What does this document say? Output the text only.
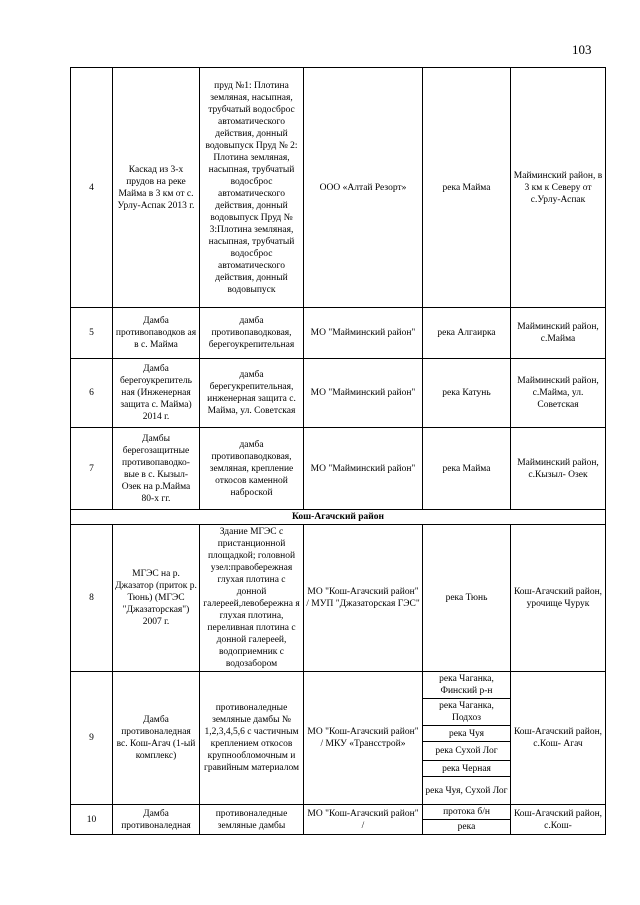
103
4	Каскад из 3-х прудов на реке Майма в 3 км от с. Урлу-Аспак 2013 г.	пруд №1: Плотина земляная, насыпная, трубчатый водосброс автоматического действия, донный водовыпуск Пруд № 2: Плотина земляная, насыпная, трубчатый водосброс автоматического действия, донный водовыпуск Пруд № 3:Плотина земляная, насыпная, трубчатый водосброс автоматического действия, донный водовыпуск	ООО «Алтай Резорт»	река Майма	Майминский район, в 3 км к Северу от с.Урлу-Аспак
5	Дамба противопаводков ая в с. Майма	дамба противопаводковая, берегоукрепительная	МО "Майминский район"	река Алгаирка	Майминский район, с.Майма
6	Дамба берегоукрепитель ная (Инженерная защита с. Майма) 2014 г.	дамба берегукрепительная, инженерная защита с. Майма, ул. Советская	МО "Майминский район"	река Катунь	Майминский район, с.Майма, ул. Советская
7	Дамбы берегозащитные противопаводко- вые в с. Кызыл- Озек на р.Майма 80-х гг.	дамба противопаводковая, земляная, крепление откосов каменной наброской	МО "Майминский район"	река Майма	Майминский район, с.Кызыл- Озек
Кош-Агачский район					
8	МГЭС на р. Джазатор (приток р. Тюнь) (МГЭС "Джазаторская") 2007 г.	Здание МГЭС с пристанционной площадкой; головной узел:правобережная глухая плотина с донной галереей,левобережна я глухая плотина, переливная плотина с донной галереей, водоприемник с водозабором	МО "Кош-Агачский район" / МУП "Джазаторская ГЭС"	река Тюнь	Кош-Агачский район, урочище Чурук
9	Дамба противоналедная вс. Кош-Агач (1-ый комплекс)	противоналедные земляные дамбы № 1,2,3,4,5,6 с частичным креплением откосов крупнообломочным и гравийным материалом	МО "Кош-Агачский район" / МКУ «Трансстрой»	река Чаганка, Финский р-н	Кош-Агачский район, с.Кош- Агач
				река Чаганка, Подхоз	
				река Чуя	
				река Сухой Лог	
				река Черная	
				река Чуя, Сухой Лог	
10	Дамба противоналедная	противоналедные земляные дамбы	МО "Кош-Агачский район" /	протока б/н	Кош-Агачский район, с.Кош-
				река	
